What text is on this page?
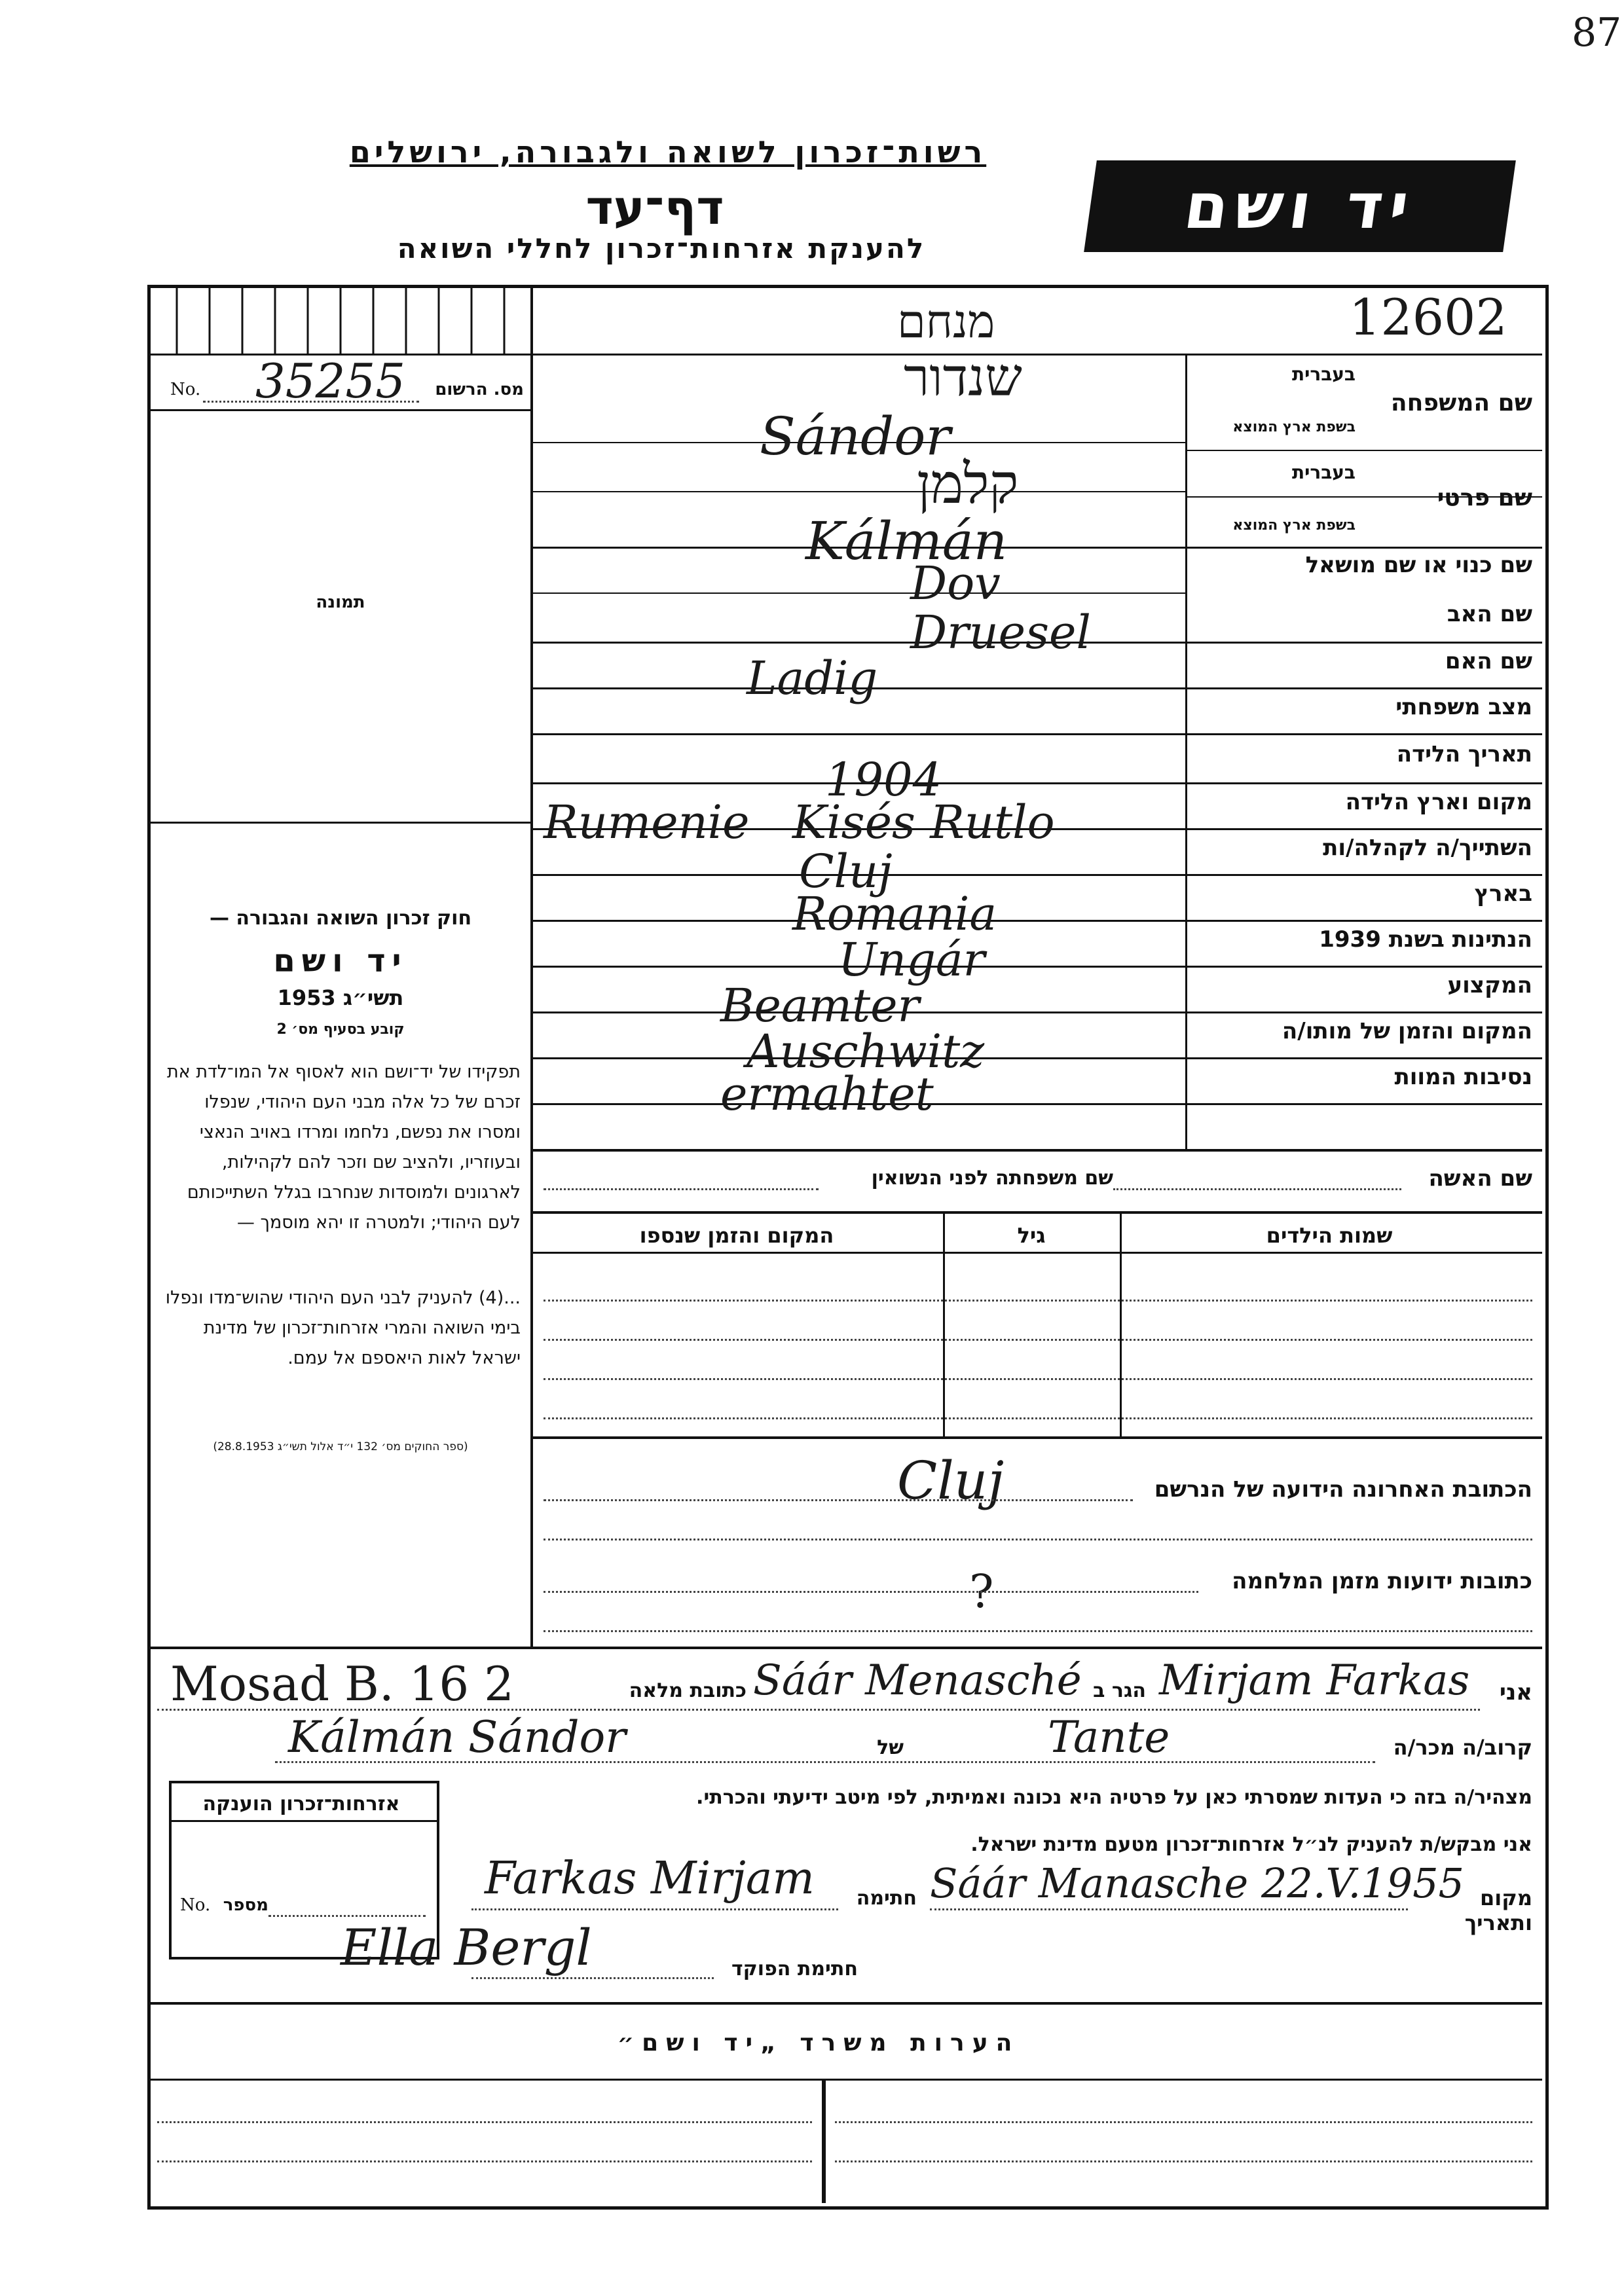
87
רשות־זכרון לשואה ולגבורה, ירושלים
דף־עד
להענקת אזרחות־זכרון לחללי השואה
יד ושם
מס. הרשום
No. 35255
תמונה
חוק זכרון השואה והגבורה —
יד ושם
תשי״ג 1953
קובע בסעיף מס׳ 2
תפקידו של יד־ושם הוא לאסוף אל המו־לדת את זכרם של כל אלה מבני העם היהודי, שנפלו ומסרו את נפשם, נלחמו ומרדו באויב הנאצי ובעוזריו, ולהציב שם וזכר להם לקהילות, לארגונים ולמוסדות שנחרבו בגלל השתייכותם לעם היהודי; ולמטרה זו יהא מוסמך —
...(4) להעניק לבני העם היהודי שהוש־מדו ונפלו בימי השואה והמרי אזרחות־זכרון של מדינת ישראל לאות היאספם אל עמם.
(ספר החוקים מס׳ 132 י״ד אלול תשי״ג 28.8.1953)
מנחם	12602
שם המשפחה
בעברית
בשפת ארץ המוצא
שם פרטי
בעברית
בשפת ארץ המוצא
שם כנוי או שם מושאל
שם האב
שם האם
מצב משפחתי
תאריך הלידה
מקום וארץ הלידה
השתייך/ה לקהלה/ות
בארץ
הנתינות בשנת 1939
המקצוע
המקום והזמן של מותו/ה
נסיבות המוות
שנדור
Sándor
קלמן
Kálmán
Dov
Druesel
Ladig
1904
Kisés Rutlo
Rumenie
Cluj
Romania
Ungár
Beamter
Auschwitz
ermahtet
שם האשה
שם משפחתה לפני הנשואין
שמות הילדים
גיל
המקום והזמן שנספו
הכתובת האחרונה הידועה של הנרשם
Cluj
כתובות ידועות מזמן המלחמה
?
אני
Mirjam Farkas
הגר ב
Sáár Menasché
כתובת מלאה
Mosad B. 16 2
קרוב/ה מכר/ה
Tante
של
Kálmán Sándor
מצהיר/ה בזה כי העדות שמסרתי כאן על פרטיה היא נכונה ואמיתית, לפי מיטב ידיעתי והכרתי.
אני מבקש/ת להעניק לנ״ל אזרחות־זכרון מטעם מדינת ישראל.
אזרחות־זכרון הוענקה
No. מספר	מקום ותאריך
Sáár Manasche 22.V.1955
חתימה
Farkas Mirjam
חתימת הפוקד
Ella Bergl
הערות משרד „יד ושם״
